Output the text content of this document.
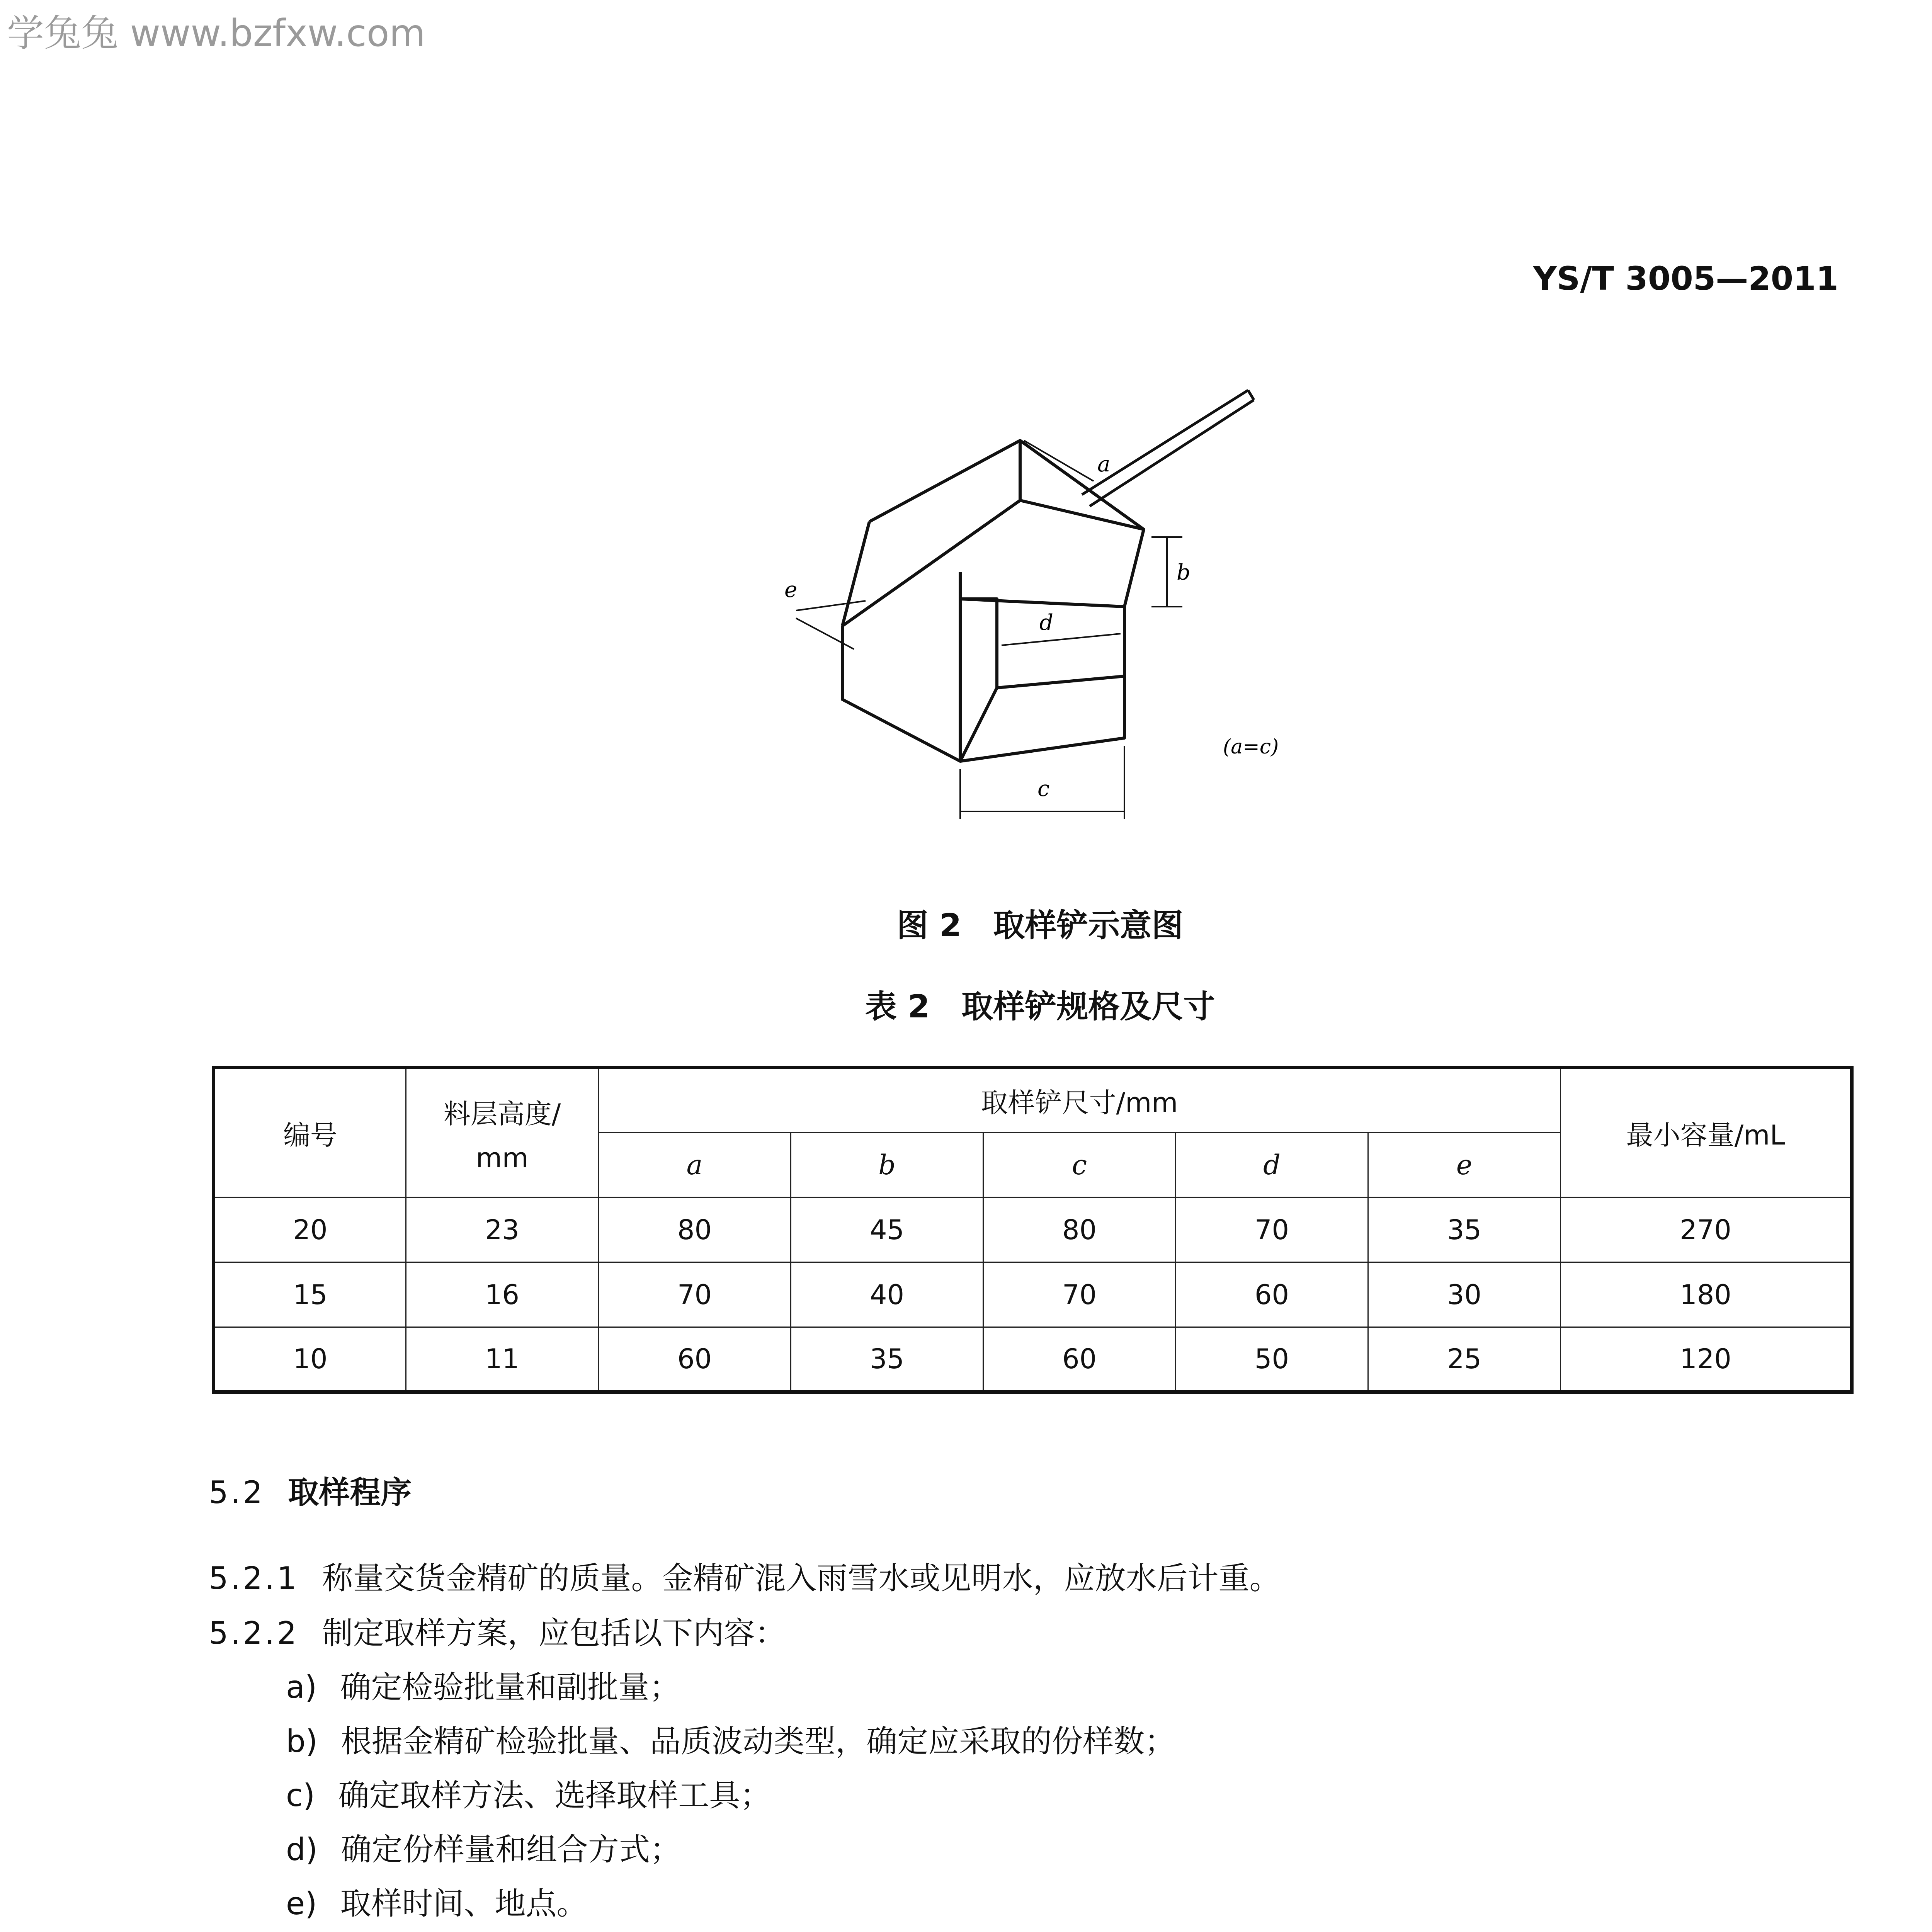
学兔兔 www.bzfxw.com
YS/T 3005—2011
a
b
d
c
e
(a=c)
图 2　取样铲示意图
表 2　取样铲规格及尺寸
编号	料层高度/
mm	取样铲尺寸/mm					最小容量/mL
		a	b	c	d	e	
20	23	80	45	80	70	35	270
15	16	70	40	70	60	30	180
10	11	60	35	60	50	25	120
5.2 取样程序
5.2.1 称量交货金精矿的质量。金精矿混入雨雪水或见明水，应放水后计重。
5.2.2 制定取样方案，应包括以下内容：
a) 确定检验批量和副批量；
b) 根据金精矿检验批量、品质波动类型，确定应采取的份样数；
c) 确定取样方法、选择取样工具；
d) 确定份样量和组合方式；
e) 取样时间、地点。
